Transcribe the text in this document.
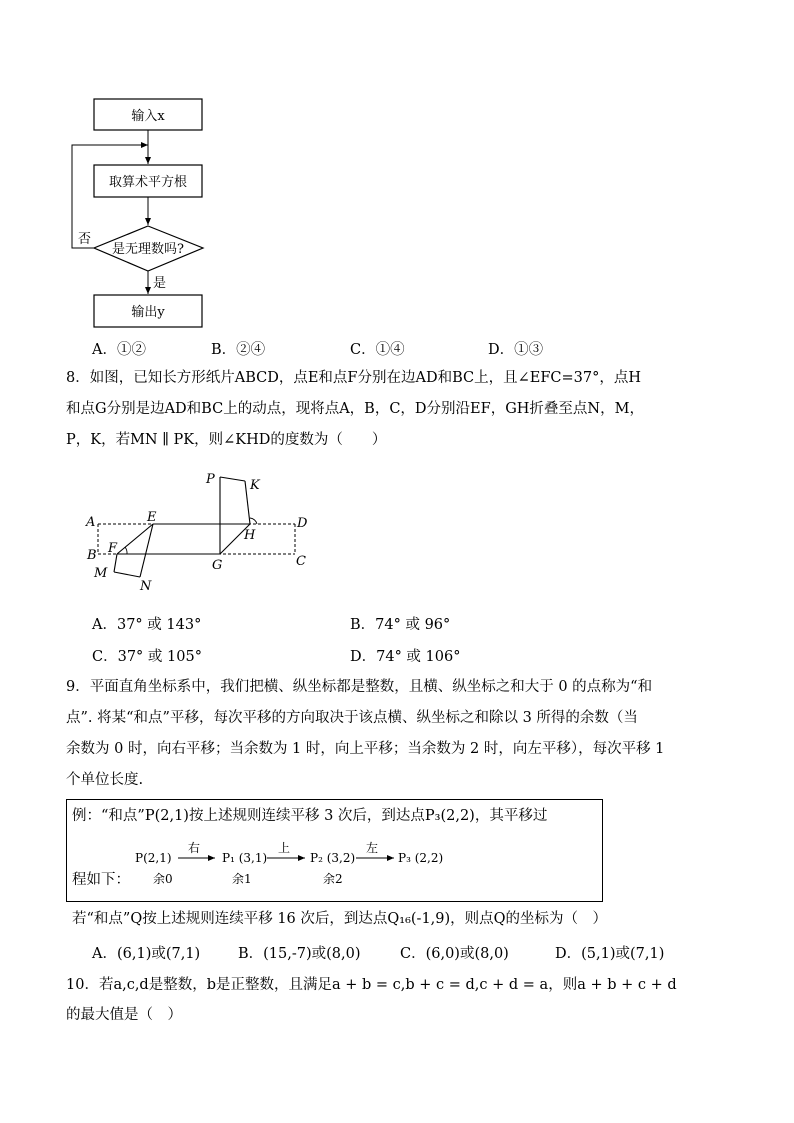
输入x
取算术平方根
是无理数吗?
否
是
输出y
A．①②	B．②④	C．①④	D．①③
8．如图，已知长方形纸片ABCD，点E和点F分别在边AD和BC上，且∠EFC=37°，点H
和点G分别是边AD和BC上的动点，现将点A，B，C，D分别沿EF，GH折叠至点N，M，
P，K，若MN ∥ PK，则∠KHD的度数为（　　）
P	K
A	E	D
H
B F
G	C
M
N
A．37° 或 143°	B．74° 或 96°
C．37° 或 105°	D．74° 或 106°
9．平面直角坐标系中，我们把横、纵坐标都是整数，且横、纵坐标之和大于 0 的点称为“和
点”. 将某“和点”平移，每次平移的方向取决于该点横、纵坐标之和除以 3 所得的余数（当
余数为 0 时，向右平移；当余数为 1 时，向上平移；当余数为 2 时，向左平移），每次平移 1
个单位长度.
例：“和点”P(2,1)按上述规则连续平移 3 次后，到达点P₃(2,2)，其平移过
程如下：
P(2,1)
右
余0
P₁ (3,1)
上
余1
P₂ (3,2)
左
余2
P₃ (2,2)
若“和点”Q按上述规则连续平移 16 次后，到达点Q₁₆(-1,9)，则点Q的坐标为（　）
A．(6,1)或(7,1)	B．(15,-7)或(8,0)	C．(6,0)或(8,0)	D．(5,1)或(7,1)
10．若a,c,d是整数，b是正整数，且满足a + b = c,b + c = d,c + d = a，则a + b + c + d
的最大值是（　）
